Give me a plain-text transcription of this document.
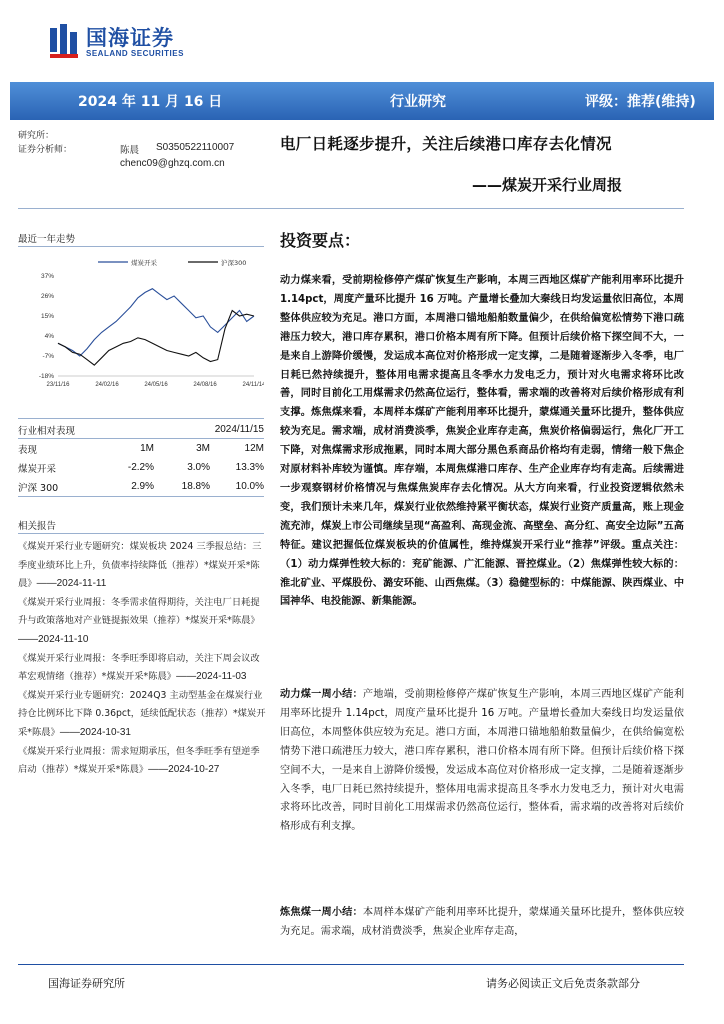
国海证券
SEALAND SECURITIES
2024 年 11 月 16 日	行业研究	评级：推荐(维持)
研究所：
证券分析师：	陈晨 S0350522110007
chenc09@ghzq.com.cn
电厂日耗逐步提升，关注后续港口库存去化情况
——煤炭开采行业周报
最近一年走势
煤炭开采	沪深300
37%
26%
15%
4%
-7%
-18%
23/11/16	24/02/16	24/05/16	24/08/16	24/11/14
行业相对表现	2024/11/15
表现	1M	3M	12M
煤炭开采	-2.2%	3.0%	13.3%
沪深 300	2.9%	18.8%	10.0%
相关报告

《煤炭开采行业专题研究：煤炭板块 2024 三季报总结：三季度业绩环比上升，负债率持续降低（推荐）*煤炭开采*陈晨》——2024-11-11

《煤炭开采行业周报：冬季需求值得期待，关注电厂日耗提升与政策落地对产业链提振效果（推荐）*煤炭开采*陈晨》——2024-11-10

《煤炭开采行业周报：冬季旺季即将启动，关注下周会议改革宏观情绪（推荐）*煤炭开采*陈晨》——2024-11-03

《煤炭开采行业专题研究：2024Q3 主动型基金在煤炭行业持仓比例环比下降 0.36pct，延续低配状态（推荐）*煤炭开采*陈晨》——2024-10-31

《煤炭开采行业周报：需求短期承压，但冬季旺季有望逆季启动（推荐）*煤炭开采*陈晨》——2024-10-27

投资要点：
动力煤来看，受前期检修停产煤矿恢复生产影响，本周三西地区煤矿产能利用率环比提升 1.14pct，周度产量环比提升 16 万吨。产量增长叠加大秦线日均发运量依旧高位，本周整体供应较为充足。港口方面，本周港口锚地船舶数量偏少，在供给偏宽松情势下港口疏港压力较大，港口库存累积，港口价格本周有所下降。但预计后续价格下探空间不大，一是来自上游降价缓慢，发运成本高位对价格形成一定支撑，二是随着逐渐步入冬季，电厂日耗已然持续提升，整体用电需求提高且冬季水力发电乏力，预计对火电需求将环比改善，同时目前化工用煤需求仍然高位运行，整体看，需求端的改善将对后续价格形成有利支撑。炼焦煤来看，本周样本煤矿产能利用率环比提升，蒙煤通关量环比提升，整体供应较为充足。需求端，成材消费淡季，焦炭企业库存走高，焦炭价格偏弱运行，焦化厂开工下降，对焦煤需求形成拖累，同时本周大部分黑色系商品价格均有走弱，情绪一般下焦企对原材料补库较为谨慎。库存端，本周焦煤港口库存、生产企业库存均有走高。后续需进一步观察钢材价格情况与焦煤焦炭库存去化情况。从大方向来看，行业投资逻辑依然未变，我们预计未来几年，煤炭行业依然维持紧平衡状态，煤炭行业资产质量高，账上现金流充沛，煤炭上市公司继续呈现“高盈利、高现金流、高壁垒、高分红、高安全边际”五高特征。建议把握低位煤炭板块的价值属性，维持煤炭开采行业“推荐”评级。重点关注：（1）动力煤弹性较大标的：兖矿能源、广汇能源、晋控煤业。（2）焦煤弹性较大标的：淮北矿业、平煤股份、潞安环能、山西焦煤。（3）稳健型标的：中煤能源、陕西煤业、中国神华、电投能源、新集能源。
动力煤一周小结：产地端，受前期检修停产煤矿恢复生产影响，本周三西地区煤矿产能利用率环比提升 1.14pct，周度产量环比提升 16 万吨。产量增长叠加大秦线日均发运量依旧高位，本周整体供应较为充足。港口方面，本周港口锚地船舶数量偏少，在供给偏宽松情势下港口疏港压力较大，港口库存累积，港口价格本周有所下降。但预计后续价格下探空间不大，一是来自上游降价缓慢，发运成本高位对价格形成一定支撑，二是随着逐渐步入冬季，电厂日耗已然持续提升，整体用电需求提高且冬季水力发电乏力，预计对火电需求将环比改善，同时目前化工用煤需求仍然高位运行，整体看，需求端的改善将对后续价格形成有利支撑。
炼焦煤一周小结：本周样本煤矿产能利用率环比提升，蒙煤通关量环比提升，整体供应较为充足。需求端，成材消费淡季，焦炭企业库存走高，
国海证券研究所	请务必阅读正文后免责条款部分
